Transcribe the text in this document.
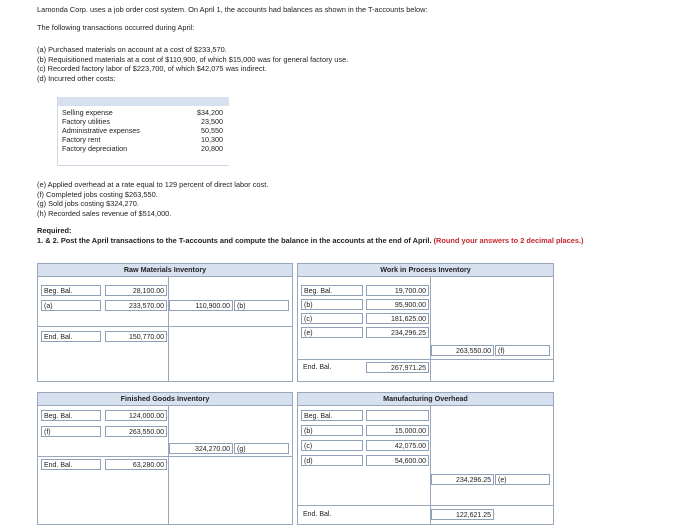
Lamonda Corp. uses a job order cost system. On April 1, the accounts had balances as shown in the T-accounts below:

The following transactions occurred during April:

(a) Purchased materials on account at a cost of $233,570.
(b) Requisitioned materials at a cost of $110,900, of which $15,000 was for general factory use.
(c) Recorded factory labor of $223,700, of which $42,075 was indirect.
(d) Incurred other costs:
Selling expense	$34,200
Factory utilities	23,500
Administrative expenses	50,550
Factory rent	10,300
Factory depreciation	20,800
(e) Applied overhead at a rate equal to 129 percent of direct labor cost.
(f) Completed jobs costing $263,550.
(g) Sold jobs costing $324,270.
(h) Recorded sales revenue of $514,000.
Required:
1. & 2. Post the April transactions to the T-accounts and compute the balance in the accounts at the end of April. (Round your answers to 2 decimal places.)
Raw Materials Inventory
Beg. Bal.	28,100.00
(a)	233,570.00	110,900.00	(b)
End. Bal.	150,770.00
Work in Process Inventory
Beg. Bal.	19,700.00
(b)	95,900.00
(c)	181,625.00
(e)	234,296.25
263,550.00	(f)
End. Bal.	267,971.25
Finished Goods Inventory
Beg. Bal.	124,000.00
(f)	263,550.00
324,270.00	(g)
End. Bal.	63,280.00
Manufacturing Overhead
Beg. Bal.
(b)	15,000.00
(c)	42,075.00
(d)	54,600.00
234,296.25	(e)
End. Bal.	122,621.25
